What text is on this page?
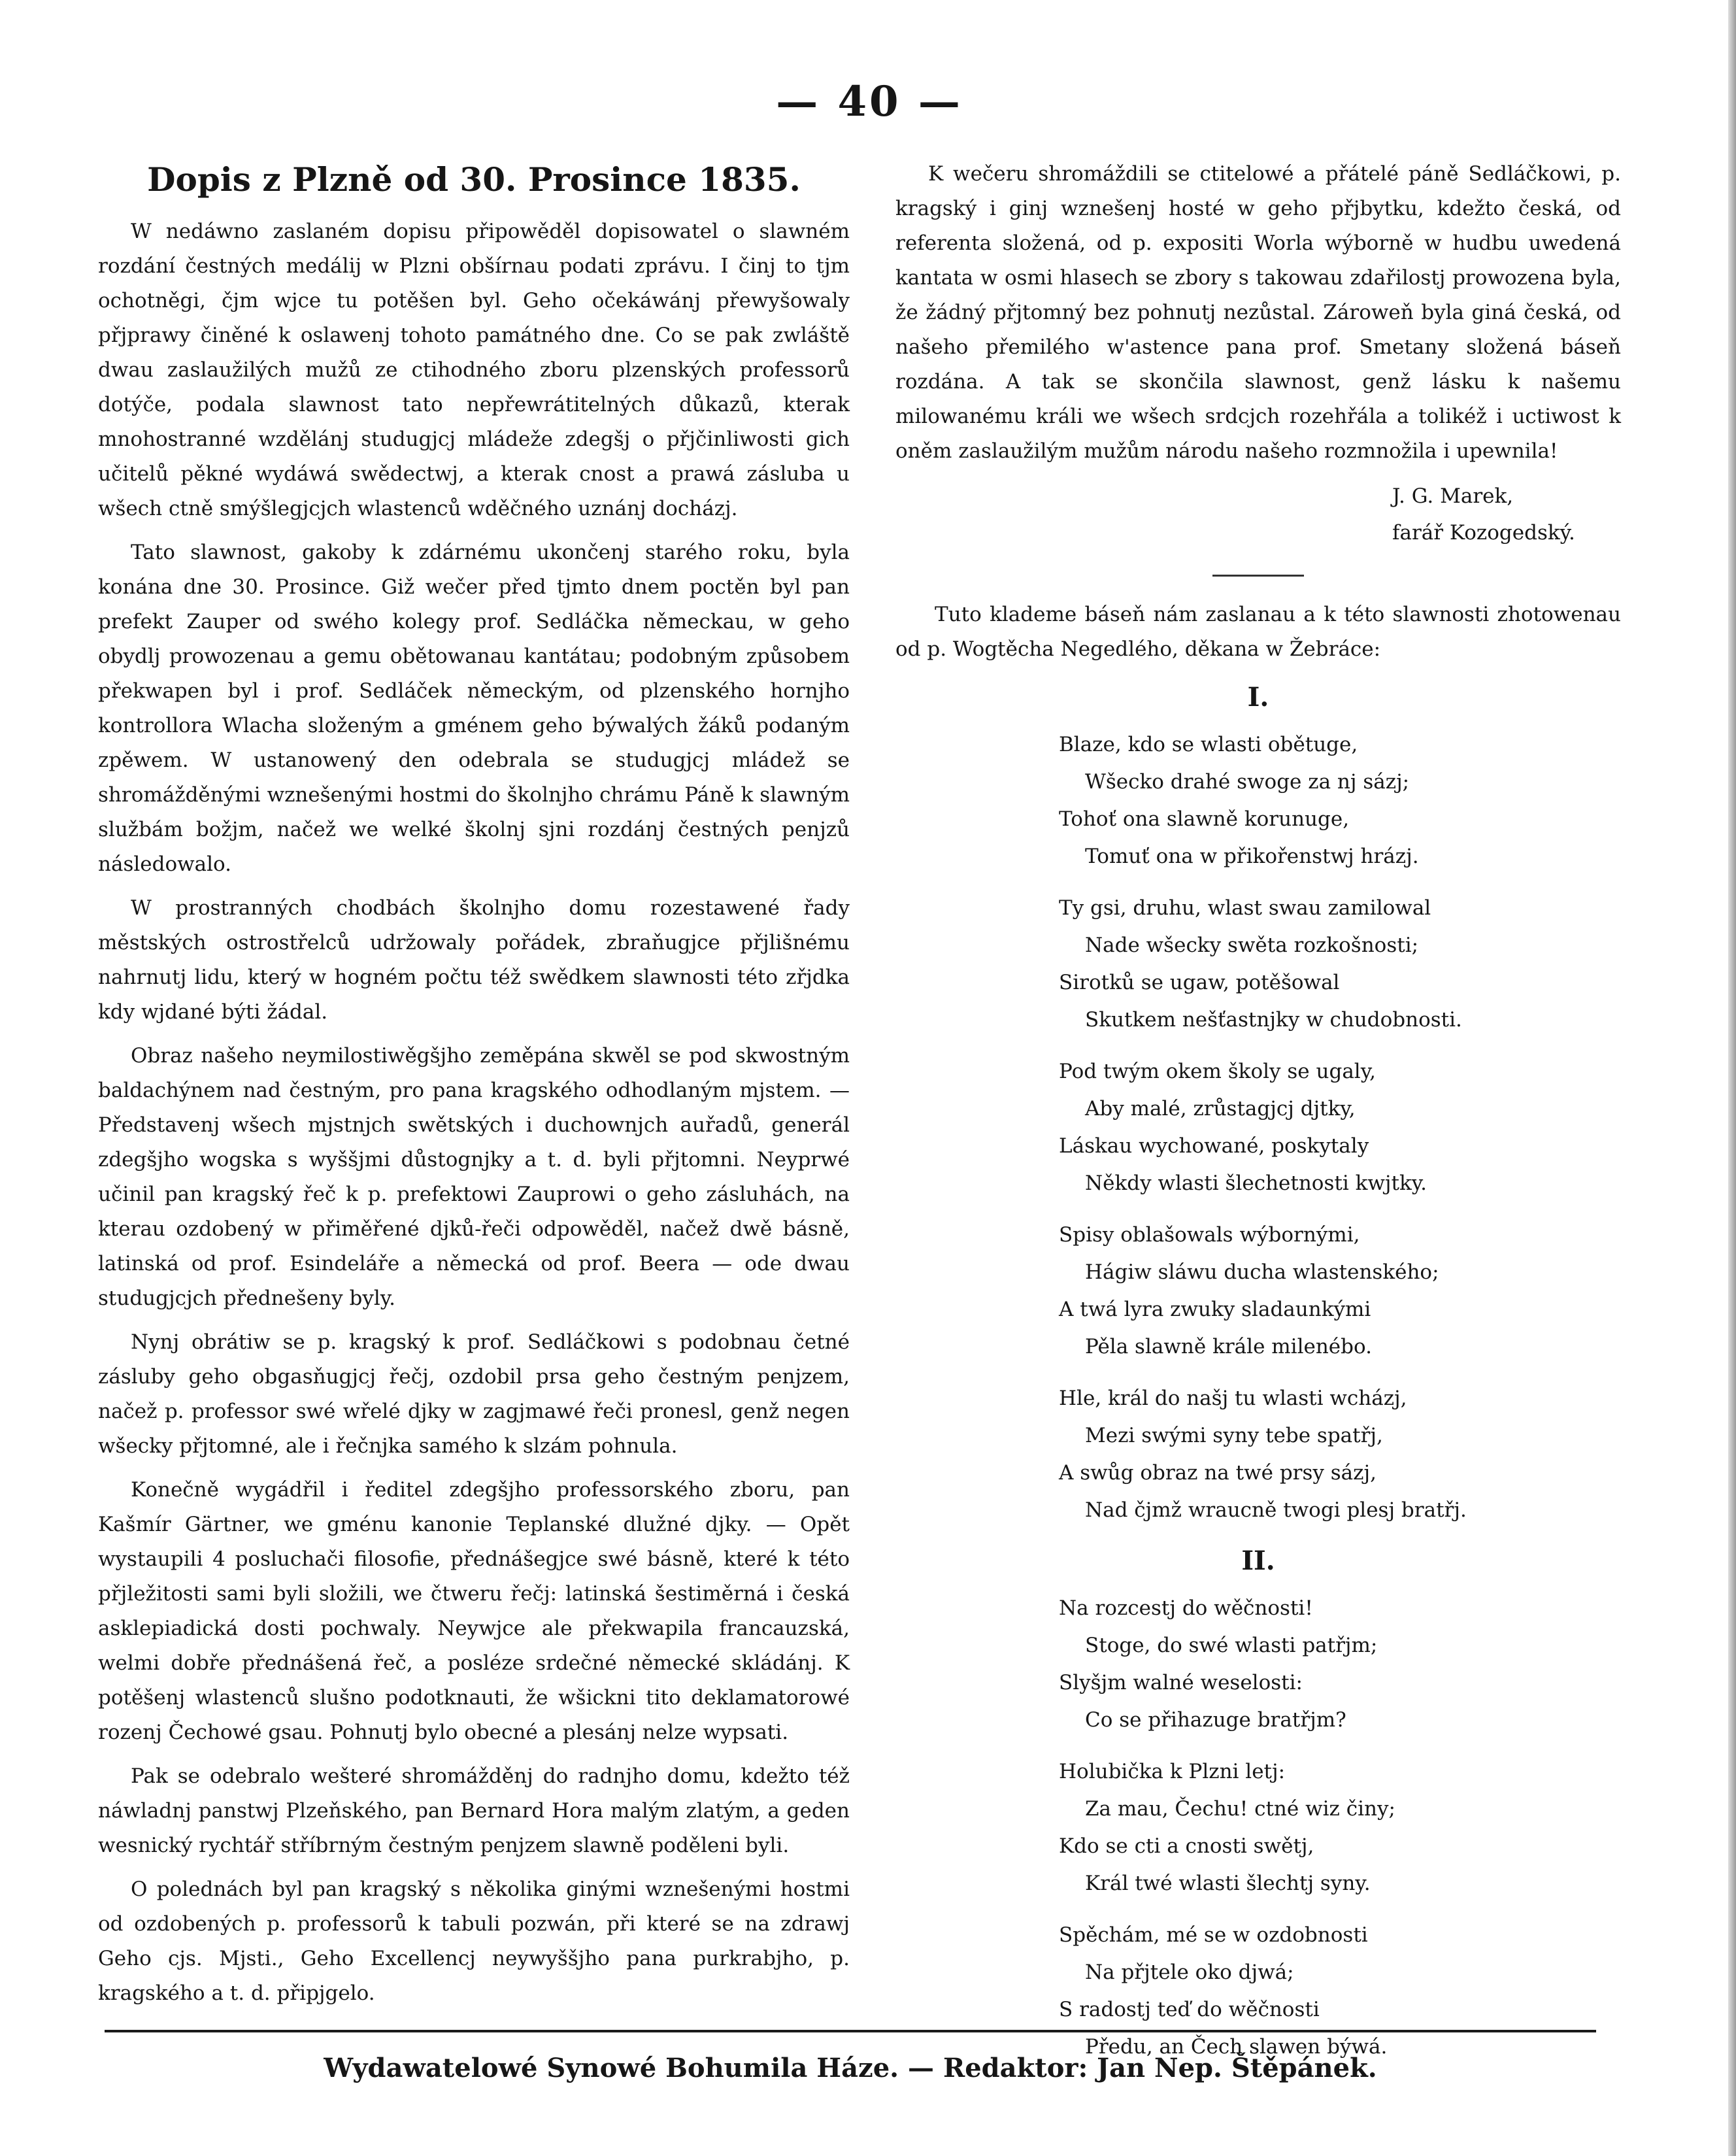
— 40 —
Dopis z Plzně od 30. Prosince 1835.

W nedáwno zaslaném dopisu připowěděl dopisowatel o slawném rozdání čestných medálij w Plzni obšírnau podati zprávu. I činj to tjm ochotněgi, čjm wjce tu potěšen byl. Geho očekáwánj přewyšowaly přjprawy činěné k oslawenj tohoto památného dne. Co se pak zwláště dwau zaslaužilých mužů ze ctihodného zboru plzenských professorů dotýče, podala slawnost tato nepřewrátitelných důkazů, kterak mnohostranné wzdělánj studugjcj mládeže zdegšj o přjčinliwosti gich učitelů pěkné wydáwá swědectwj, a kterak cnost a prawá zásluba u wšech ctně smýšlegjcjch wlastenců wděčného uznánj docházj.

Tato slawnost, gakoby k zdárnému ukončenj starého roku, byla konána dne 30. Prosince. Giž wečer před tjmto dnem poctěn byl pan prefekt Zauper od swého kolegy prof. Sedláčka německau, w geho obydlj prowozenau a gemu obětowanau kantátau; podobným způsobem překwapen byl i prof. Sedláček německým, od plzenského hornjho kontrollora Wlacha složeným a gménem geho býwalých žáků podaným zpěwem. W ustanowený den odebrala se studugjcj mládež se shromážděnými wznešenými hostmi do školnjho chrámu Páně k slawným službám božjm, načež we welké školnj sjni rozdánj čestných penjzů následowalo.

W prostranných chodbách školnjho domu rozestawené řady městských ostrostřelců udržowaly pořádek, zbraňugjce přjlišnému nahrnutj lidu, který w hogném počtu též swědkem slawnosti této zřjdka kdy wjdané býti žádal.

Obraz našeho neymilostiwěgšjho zeměpána skwěl se pod skwostným baldachýnem nad čestným, pro pana kragského odhodlaným mjstem. — Představenj wšech mjstnjch swětských i duchownjch auřadů, generál zdegšjho wogska s wyššjmi důstognjky a t. d. byli přjtomni. Neyprwé učinil pan kragský řeč k p. prefektowi Zauprowi o geho zásluhách, na kterau ozdobený w přiměřené djků-řeči odpowěděl, načež dwě básně, latinská od prof. Esindeláře a německá od prof. Beera — ode dwau studugjcjch přednešeny byly.

Nynj obrátiw se p. kragský k prof. Sedláčkowi s podobnau četné zásluby geho obgasňugjcj řečj, ozdobil prsa geho čestným penjzem, načež p. professor swé wřelé djky w zagjmawé řeči pronesl, genž negen wšecky přjtomné, ale i řečnjka samého k slzám pohnula.

Konečně wygádřil i ředitel zdegšjho professorského zboru, pan Kašmír Gärtner, we gménu kanonie Teplanské dlužné djky. — Opět wystaupili 4 posluchači filosofie, přednášegjce swé básně, které k této přjležitosti sami byli složili, we čtweru řečj: latinská šestiměrná i česká asklepiadická dosti pochwaly. Neywjce ale překwapila francauzská, welmi dobře přednášená řeč, a posléze srdečné německé skládánj. K potěšenj wlastenců slušno podotknauti, že wšickni tito deklamatorowé rozenj Čechowé gsau. Pohnutj bylo obecné a plesánj nelze wypsati.

Pak se odebralo wešteré shromážděnj do radnjho domu, kdežto též náwladnj panstwj Plzeňského, pan Bernard Hora malým zlatým, a geden wesnický rychtář stříbrným čestným penjzem slawně poděleni byli.

O polednách byl pan kragský s několika ginými wznešenými hostmi od ozdobených p. professorů k tabuli pozwán, při které se na zdrawj Geho cjs. Mjsti., Geho Excellencj neywyššjho pana purkrabjho, p. kragského a t. d. připjgelo.

K wečeru shromáždili se ctitelowé a přátelé páně Sedláčkowi, p. kragský i ginj wznešenj hosté w geho přjbytku, kdežto česká, od referenta složená, od p. expositi Worla wýborně w hudbu uwedená kantata w osmi hlasech se zbory s takowau zdařilostj prowozena byla, že žádný přjtomný bez pohnutj nezůstal. Zároweň byla giná česká, od našeho přemilého w'astence pana prof. Smetany složená báseň rozdána. A tak se skončila slawnost, genž lásku k našemu milowanému králi we wšech srdcjch rozehřála a tolikéž i uctiwost k oněm zaslaužilým mužům národu našeho rozmnožila i upewnila!

J. G. Marek,
farář Kozogedský.

Tuto klademe báseň nám zaslanau a k této slawnosti zhotowenau od p. Wogtěcha Negedlého, děkana w Žebráce:

I.
Blaze, kdo se wlasti obětuge,
Wšecko drahé swoge za nj sázj;
Tohoť ona slawně korunuge,
Tomuť ona w přikořenstwj hrázj.
Ty gsi, druhu, wlast swau zamilowal
Nade wšecky swěta rozkošnosti;
Sirotků se ugaw, potěšowal
Skutkem nešťastnjky w chudobnosti.
Pod twým okem školy se ugaly,
Aby malé, zrůstagjcj djtky,
Láskau wychowané, poskytaly
Někdy wlasti šlechetnosti kwjtky.
Spisy oblašowals wýbornými,
Hágiw sláwu ducha wlastenského;
A twá lyra zwuky sladaunkými
Pěla slawně krále milenébo.
Hle, král do našj tu wlasti wcházj,
Mezi swými syny tebe spatřj,
A swůg obraz na twé prsy sázj,
Nad čjmž wraucně twogi plesj bratřj.
II.
Na rozcestj do wěčnosti!
Stoge, do swé wlasti patřjm;
Slyšjm walné weselosti:
Co se přihazuge bratřjm?
Holubička k Plzni letj:
Za mau, Čechu! ctné wiz činy;
Kdo se cti a cnosti swětj,
Král twé wlasti šlechtj syny.
Spěchám, mé se w ozdobnosti
Na přjtele oko djwá;
S radostj teď do wěčnosti
Předu, an Čech slawen býwá.
Wydawatelowé Synowé Bohumila Háze. — Redaktor: Jan Nep. Štěpánek.
